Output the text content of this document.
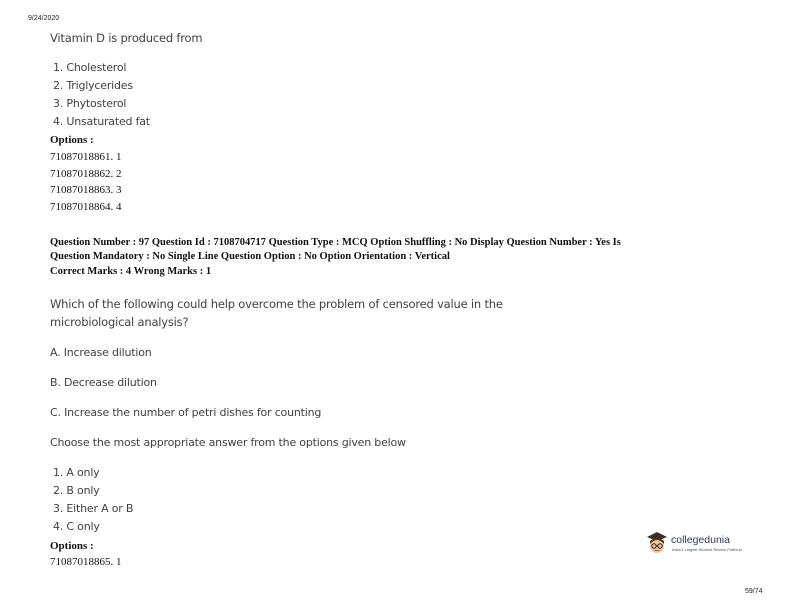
9/24/2020
Vitamin D is produced from
1. Cholesterol
2. Triglycerides
3. Phytosterol
4. Unsaturated fat
Options :
71087018861. 1
71087018862. 2
71087018863. 3
71087018864. 4
Question Number : 97 Question Id : 7108704717 Question Type : MCQ Option Shuffling : No Display Question Number : Yes Is
Question Mandatory : No Single Line Question Option : No Option Orientation : Vertical
Correct Marks : 4 Wrong Marks : 1
Which of the following could help overcome the problem of censored value in the
microbiological analysis?
A. Increase dilution
B. Decrease dilution
C. Increase the number of petri dishes for counting
Choose the most appropriate answer from the options given below
1. A only
2. B only
3. Either A or B
4. C only
Options :
71087018865. 1
collegedunia
India's Largest Student Review Platform
59/74
